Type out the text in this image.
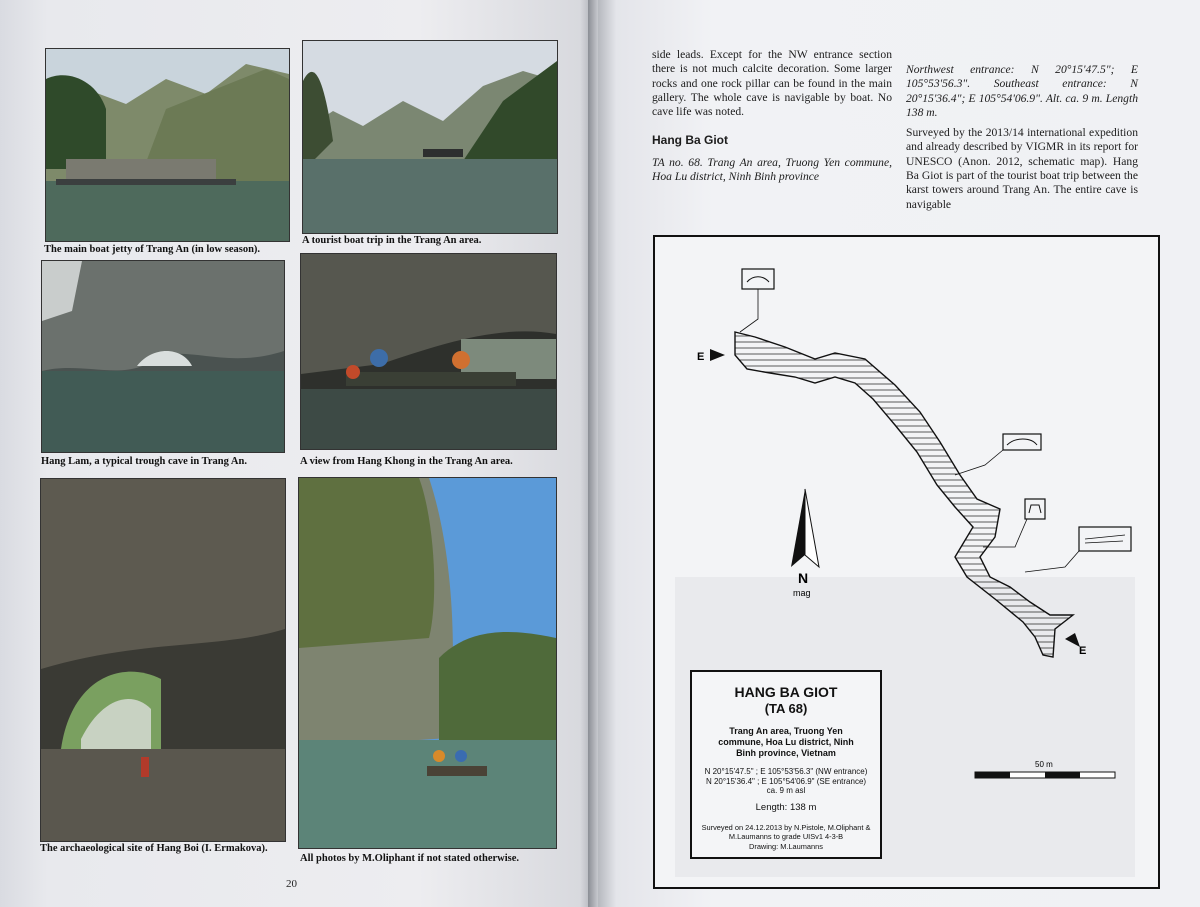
The main boat jetty of Trang An (in low season).
A tourist boat trip in the Trang An area.
Hang Lam, a typical trough cave in Trang An.	A view from Hang Khong in the Trang An area.
The archaeological site of Hang Boi (I. Ermakova).
All photos by M.Oliphant if not stated otherwise.
20

side leads. Except for the NW entrance section there is not much calcite decoration. Some larger rocks and one rock pillar can be found in the main gallery. The whole cave is navigable by boat. No cave life was noted.

Hang Ba Giot

TA no. 68. Trang An area, Truong Yen commune, Hoa Lu district, Ninh Binh province

Northwest entrance: N 20°15'47.5"; E 105°53'56.3". Southeast entrance: N 20°15'36.4"; E 105°54'06.9". Alt. ca. 9 m. Length 138 m.

Surveyed by the 2013/14 international expedition and already described by VIGMR in its report for UNESCO (Anon. 2012, schematic map). Hang Ba Giot is part of the tourist boat trip between the karst towers around Trang An. The entire cave is navigable

E
E
N
mag
50 m
HANG BA GIOT
(TA 68)
Trang An area, Truong Yen commune, Hoa Lu district, Ninh Binh province, Vietnam
N 20°15'47.5" ; E 105°53'56.3" (NW entrance)
N 20°15'36.4" ; E 105°54'06.9" (SE entrance)
ca. 9 m asl
Length: 138 m
Surveyed on 24.12.2013 by N.Pistole, M.Oliphant & M.Laumanns to grade UISv1 4-3-B
Drawing: M.Laumanns
